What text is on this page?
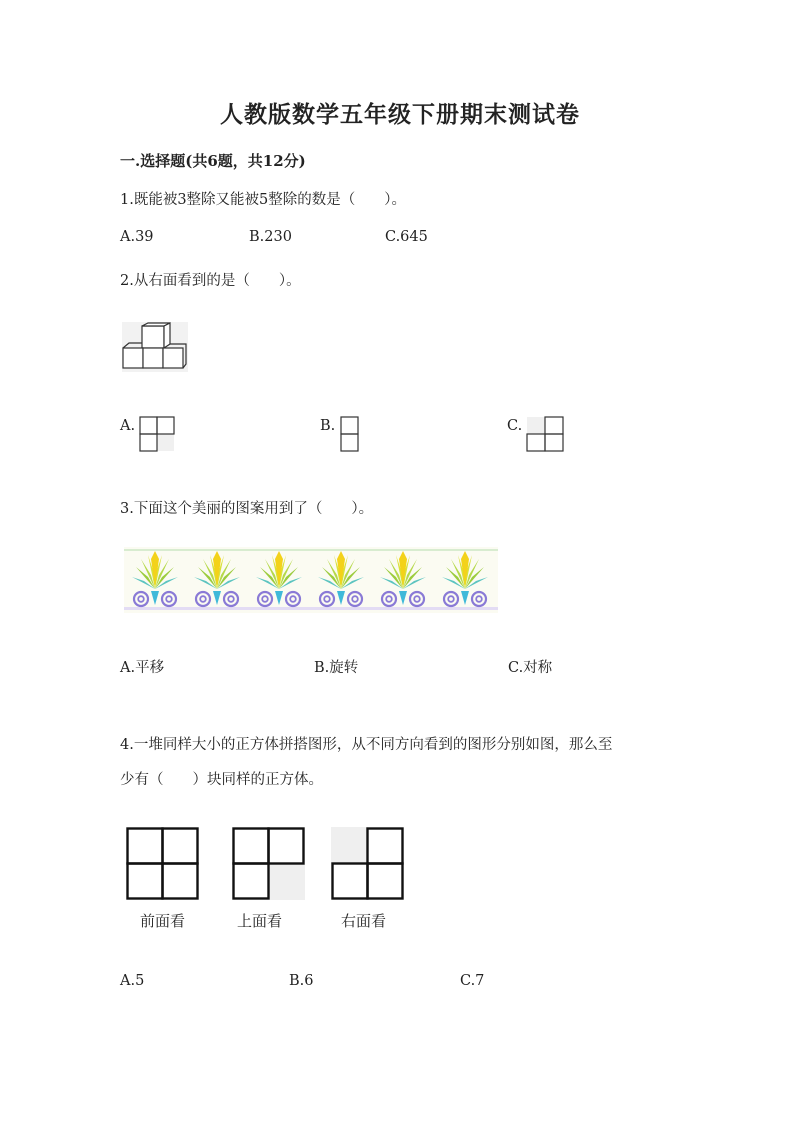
人教版数学五年级下册期末测试卷
一.选择题(共6题，共12分)
1.既能被3整除又能被5整除的数是（　　）。
A.39	B.230	C.645
2.从右面看到的是（　　）。
A.	B.	C.
3.下面这个美丽的图案用到了（　　）。
A.平移	B.旋转	C.对称
4.一堆同样大小的正方体拼搭图形，从不同方向看到的图形分别如图，那么至
少有（　　）块同样的正方体。
前面看	上面看	右面看
A.5	B.6	C.7
